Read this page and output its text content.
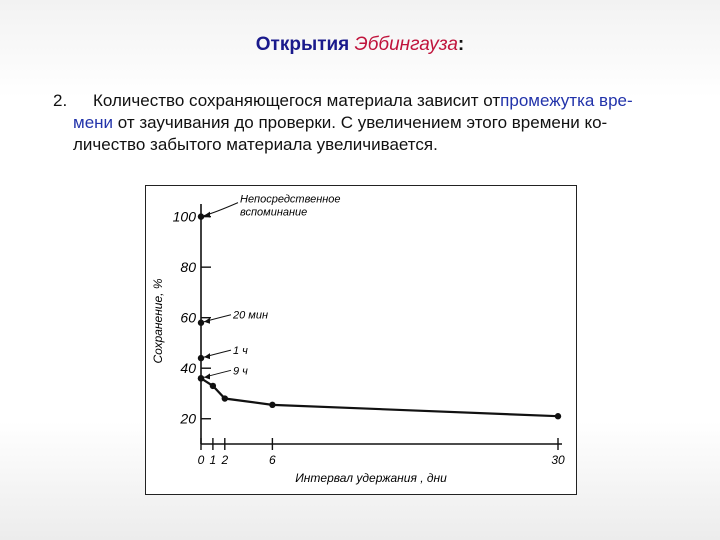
Открытия Эббингауза:
2. Количество сохраняющегося материала зависит отпромежутка вре-
мени от заучивания до проверки. С увеличением этого времени ко-
личество забытого материала увеличивается.
100
80
60
40
20
0 1 2	6	30
Непосредственное
вспоминание
20 мин
1 ч
9 ч
Сохранение, %
Интервал удержания , дни
